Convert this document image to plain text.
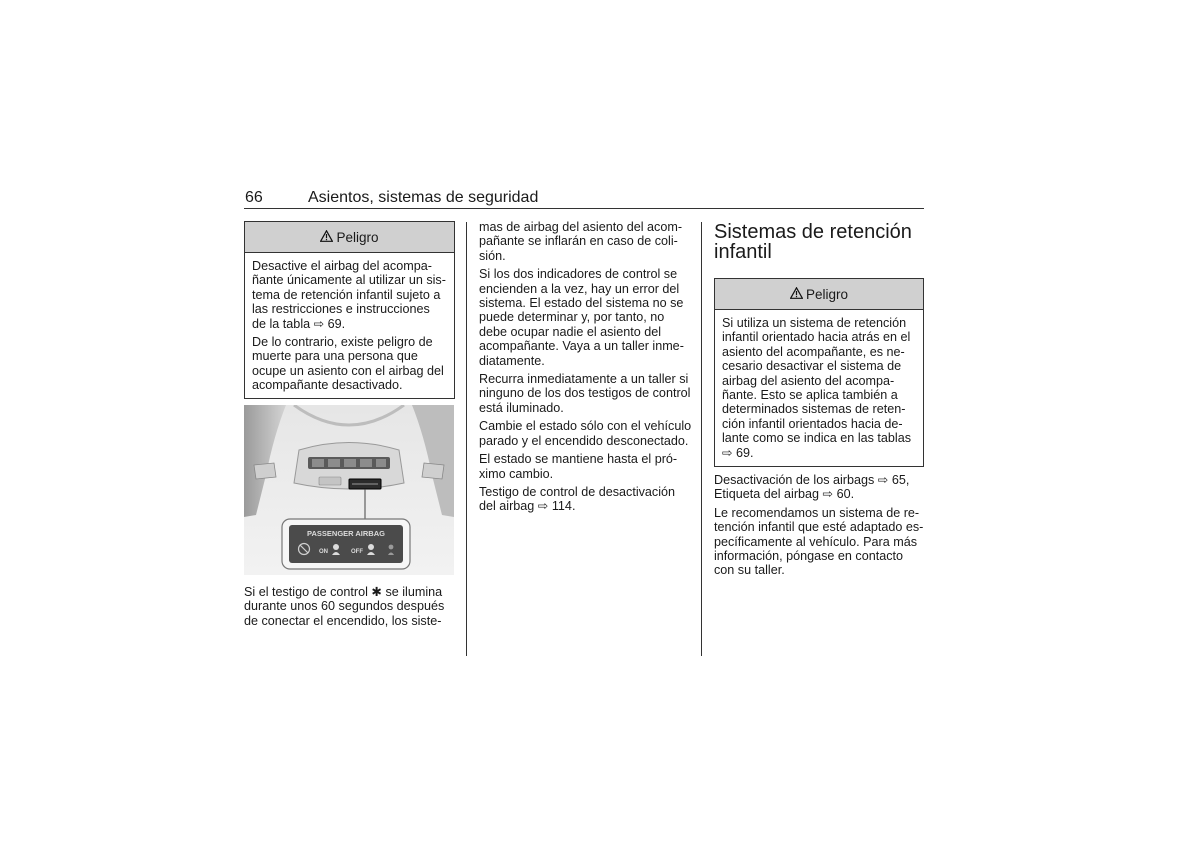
66	Asientos, sistemas de seguridad
Peligro

Desactive el airbag del acompa-
ñante únicamente al utilizar un sis-
tema de retención infantil sujeto a
las restricciones e instrucciones
de la tabla ⇨ 69.

De lo contrario, existe peligro de
muerte para una persona que
ocupe un asiento con el airbag del
acompañante desactivado.

PASSENGER AIRBAG
ON	OFF

Si el testigo de control ✱ se ilumina
durante unos 60 segundos después
de conectar el encendido, los siste-

mas de airbag del asiento del acom-
pañante se inflarán en caso de coli-
sión.

Si los dos indicadores de control se
encienden a la vez, hay un error del
sistema. El estado del sistema no se
puede determinar y, por tanto, no
debe ocupar nadie el asiento del
acompañante. Vaya a un taller inme-
diatamente.

Recurra inmediatamente a un taller si
ninguno de los dos testigos de control
está iluminado.

Cambie el estado sólo con el vehículo
parado y el encendido desconectado.

El estado se mantiene hasta el pró-
ximo cambio.

Testigo de control de desactivación
del airbag ⇨ 114.

Sistemas de retención
infantil
Peligro

Si utiliza un sistema de retención
infantil orientado hacia atrás en el
asiento del acompañante, es ne-
cesario desactivar el sistema de
airbag del asiento del acompa-
ñante. Esto se aplica también a
determinados sistemas de reten-
ción infantil orientados hacia de-
lante como se indica en las tablas
⇨ 69.

Desactivación de los airbags ⇨ 65,
Etiqueta del airbag ⇨ 60.

Le recomendamos un sistema de re-
tención infantil que esté adaptado es-
pecíficamente al vehículo. Para más
información, póngase en contacto
con su taller.
